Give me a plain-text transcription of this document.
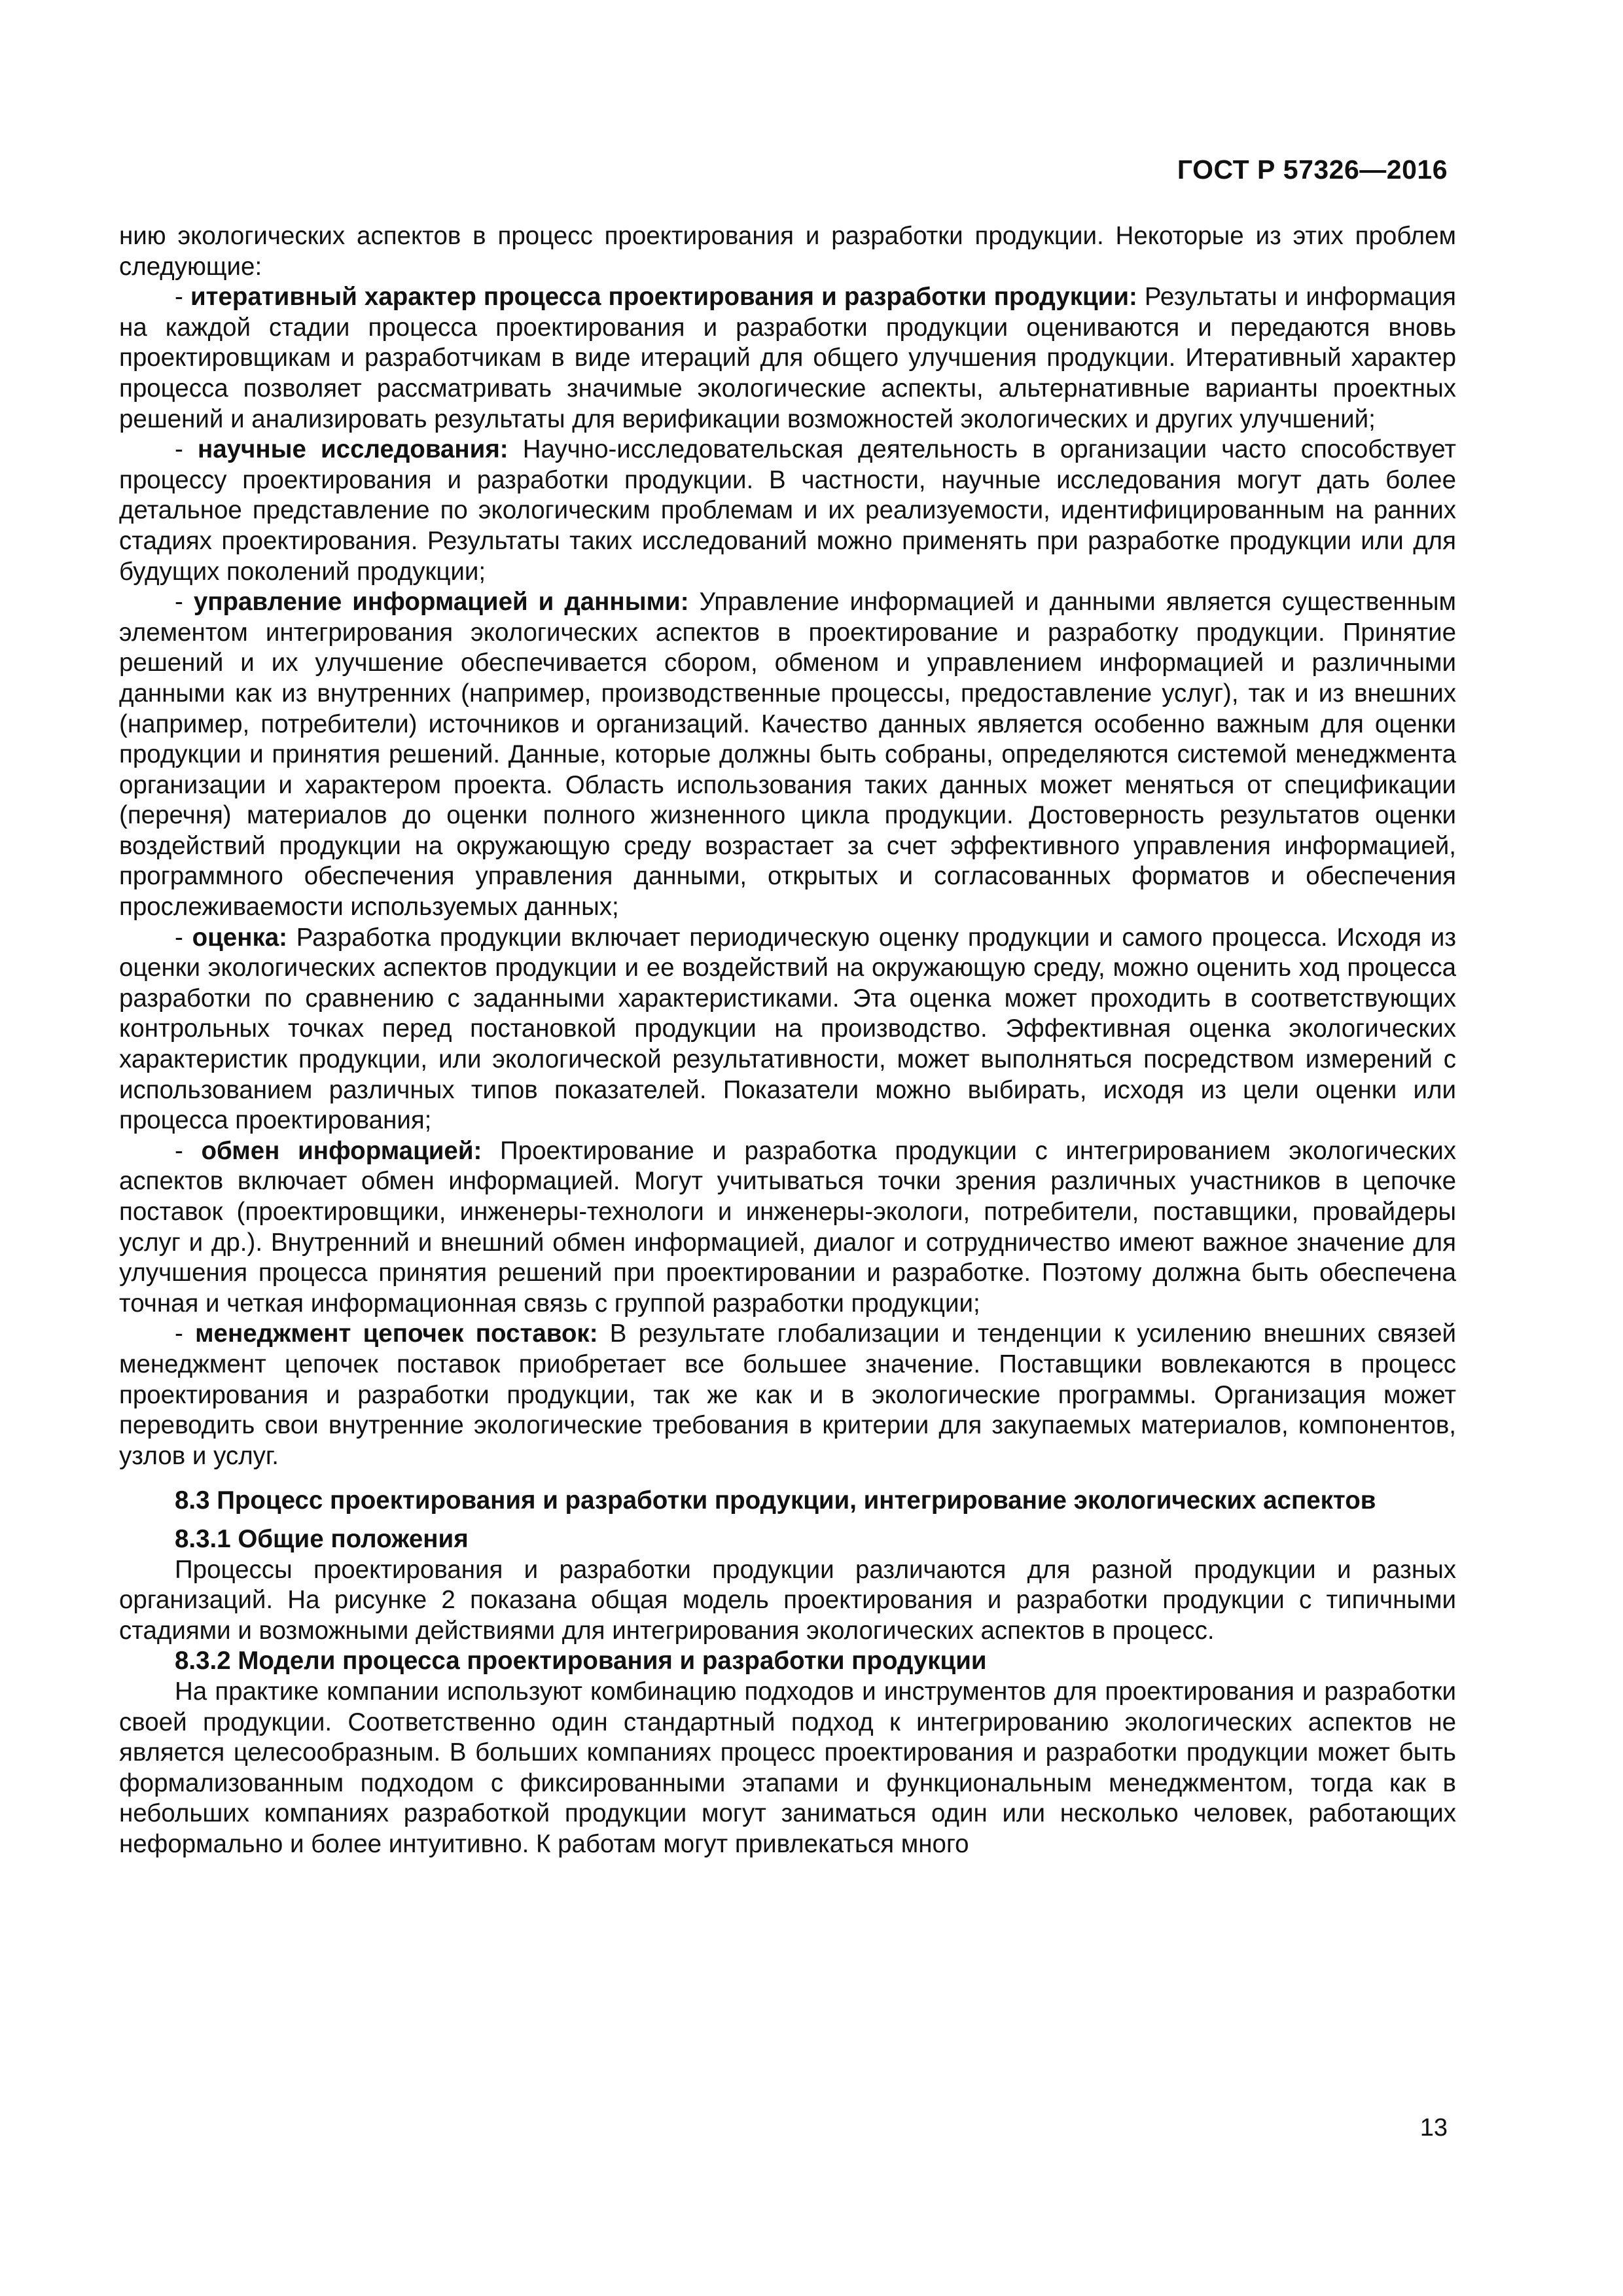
ГОСТ Р 57326—2016

нию экологических аспектов в процесс проектирования и разработки продукции. Некоторые из этих проблем следующие:

- итеративный характер процесса проектирования и разработки продукции: Результаты и информация на каждой стадии процесса проектирования и разработки продукции оцениваются и передаются вновь проектировщикам и разработчикам в виде итераций для общего улучшения продукции. Итеративный характер процесса позволяет рассматривать значимые экологические аспекты, альтернативные варианты проектных решений и анализировать результаты для верификации возможностей экологических и других улучшений;

- научные исследования: Научно-исследовательская деятельность в организации часто способствует процессу проектирования и разработки продукции. В частности, научные исследования могут дать более детальное представление по экологическим проблемам и их реализуемости, идентифицированным на ранних стадиях проектирования. Результаты таких исследований можно применять при разработке продукции или для будущих поколений продукции;

- управление информацией и данными: Управление информацией и данными является существенным элементом интегрирования экологических аспектов в проектирование и разработку продукции. Принятие решений и их улучшение обеспечивается сбором, обменом и управлением информацией и различными данными как из внутренних (например, производственные процессы, предоставление услуг), так и из внешних (например, потребители) источников и организаций. Качество данных является особенно важным для оценки продукции и принятия решений. Данные, которые должны быть собраны, определяются системой менеджмента организации и характером проекта. Область использования таких данных может меняться от спецификации (перечня) материалов до оценки полного жизненного цикла продукции. Достоверность результатов оценки воздействий продукции на окружающую среду возрастает за счет эффективного управления информацией, программного обеспечения управления данными, открытых и согласованных форматов и обеспечения прослеживаемости используемых данных;

- оценка: Разработка продукции включает периодическую оценку продукции и самого процесса. Исходя из оценки экологических аспектов продукции и ее воздействий на окружающую среду, можно оценить ход процесса разработки по сравнению с заданными характеристиками. Эта оценка может проходить в соответствующих контрольных точках перед постановкой продукции на производство. Эффективная оценка экологических характеристик продукции, или экологической результативности, может выполняться посредством измерений с использованием различных типов показателей. Показатели можно выбирать, исходя из цели оценки или процесса проектирования;

- обмен информацией: Проектирование и разработка продукции с интегрированием экологических аспектов включает обмен информацией. Могут учитываться точки зрения различных участников в цепочке поставок (проектировщики, инженеры-технологи и инженеры-экологи, потребители, поставщики, провайдеры услуг и др.). Внутренний и внешний обмен информацией, диалог и сотрудничество имеют важное значение для улучшения процесса принятия решений при проектировании и разработке. Поэтому должна быть обеспечена точная и четкая информационная связь с группой разработки продукции;

- менеджмент цепочек поставок: В результате глобализации и тенденции к усилению внешних связей менеджмент цепочек поставок приобретает все большее значение. Поставщики вовлекаются в процесс проектирования и разработки продукции, так же как и в экологические программы. Организация может переводить свои внутренние экологические требования в критерии для закупаемых материалов, компонентов, узлов и услуг.

8.3 Процесс проектирования и разработки продукции, интегрирование экологических аспектов

8.3.1 Общие положения

Процессы проектирования и разработки продукции различаются для разной продукции и разных организаций. На рисунке 2 показана общая модель проектирования и разработки продукции с типичными стадиями и возможными действиями для интегрирования экологических аспектов в процесс.

8.3.2 Модели процесса проектирования и разработки продукции

На практике компании используют комбинацию подходов и инструментов для проектирования и разработки своей продукции. Соответственно один стандартный подход к интегрированию экологических аспектов не является целесообразным. В больших компаниях процесс проектирования и разработки продукции может быть формализованным подходом с фиксированными этапами и функциональным менеджментом, тогда как в небольших компаниях разработкой продукции могут заниматься один или несколько человек, работающих неформально и более интуитивно. К работам могут привлекаться много

13
